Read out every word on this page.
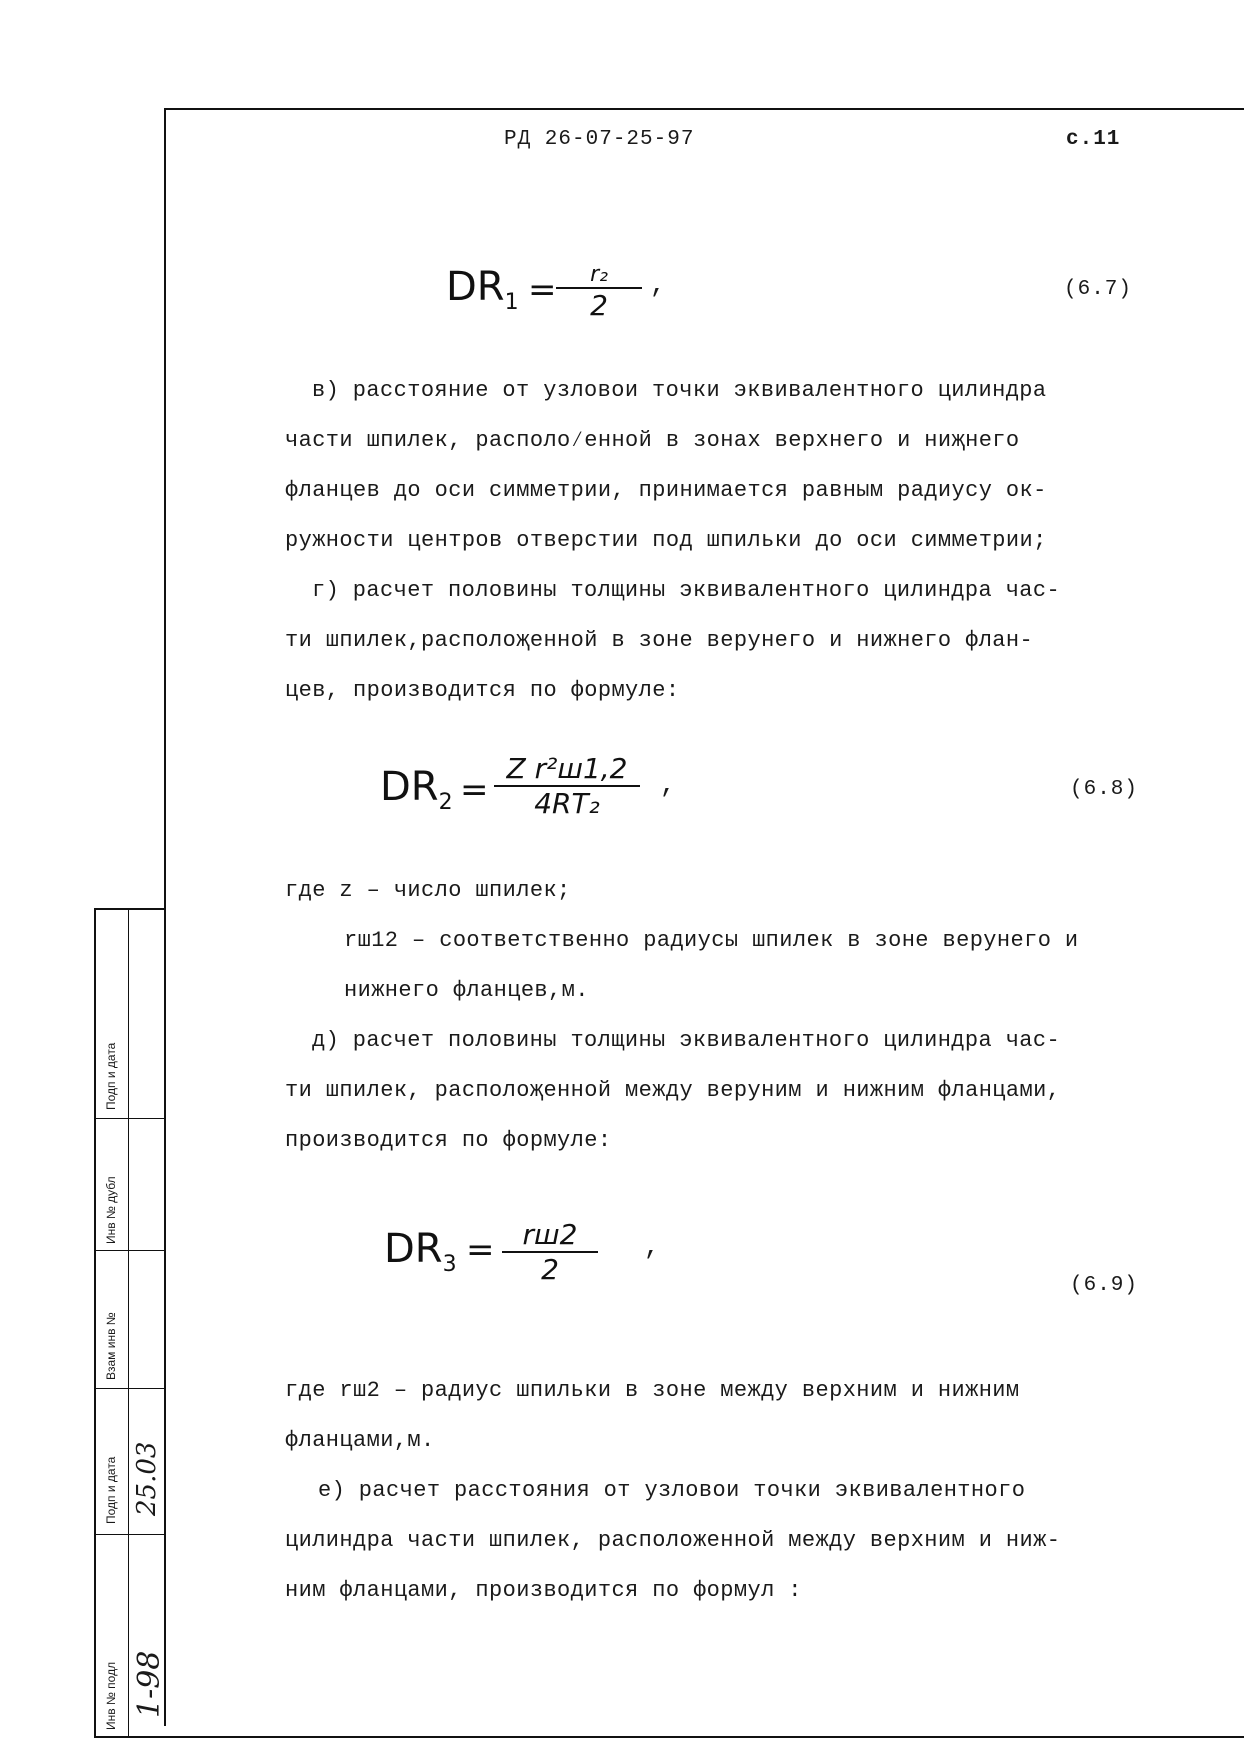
РД 26-07-25-97	с.11
$DR_1$ =	r₂
2
,	(6.7)
в) расстояние от узловои точки эквивалентного цилиндра
части шпилек, располо⁄енной в зонах верхнего и ниҗнего
фланцев до оси симметрии, принимается равным радиусу ок-
ружности центров отверстии под шпильки до оси симметрии;
г) расчет половины толщины эквивалентного цилиндра час-
ти шпилек,располоҗенной в зоне верунего и нижнего флан-
цев, производится по формуле:
$DR_2$ =
Z r²ш1,2
4RT₂
,	(6.8)
где z – число шпилек;
rш12 – соответственно радиусы шпилек в зоне верунего и
нижнего фланцев,м.
д) расчет половины толщины эквивалентного цилиндра час-
ти шпилек, располоҗенной между веруним и нижним фланцами,
производится по формуле:
$DR_3$ =	rш2
2
,
(6.9)
где rш2 – радиус шпильки в зоне между верхним и нижним
фланцами,м.
е) расчет расстояния от узловои точки эквивалентного
цилиндра части шпилек, расположенной между верхним и ниж-
ним фланцами, производится по формул :
Подп и дата
Инв № дубл
Взам инв №
Подп и дата
Инв № подл
25.03
1-98
